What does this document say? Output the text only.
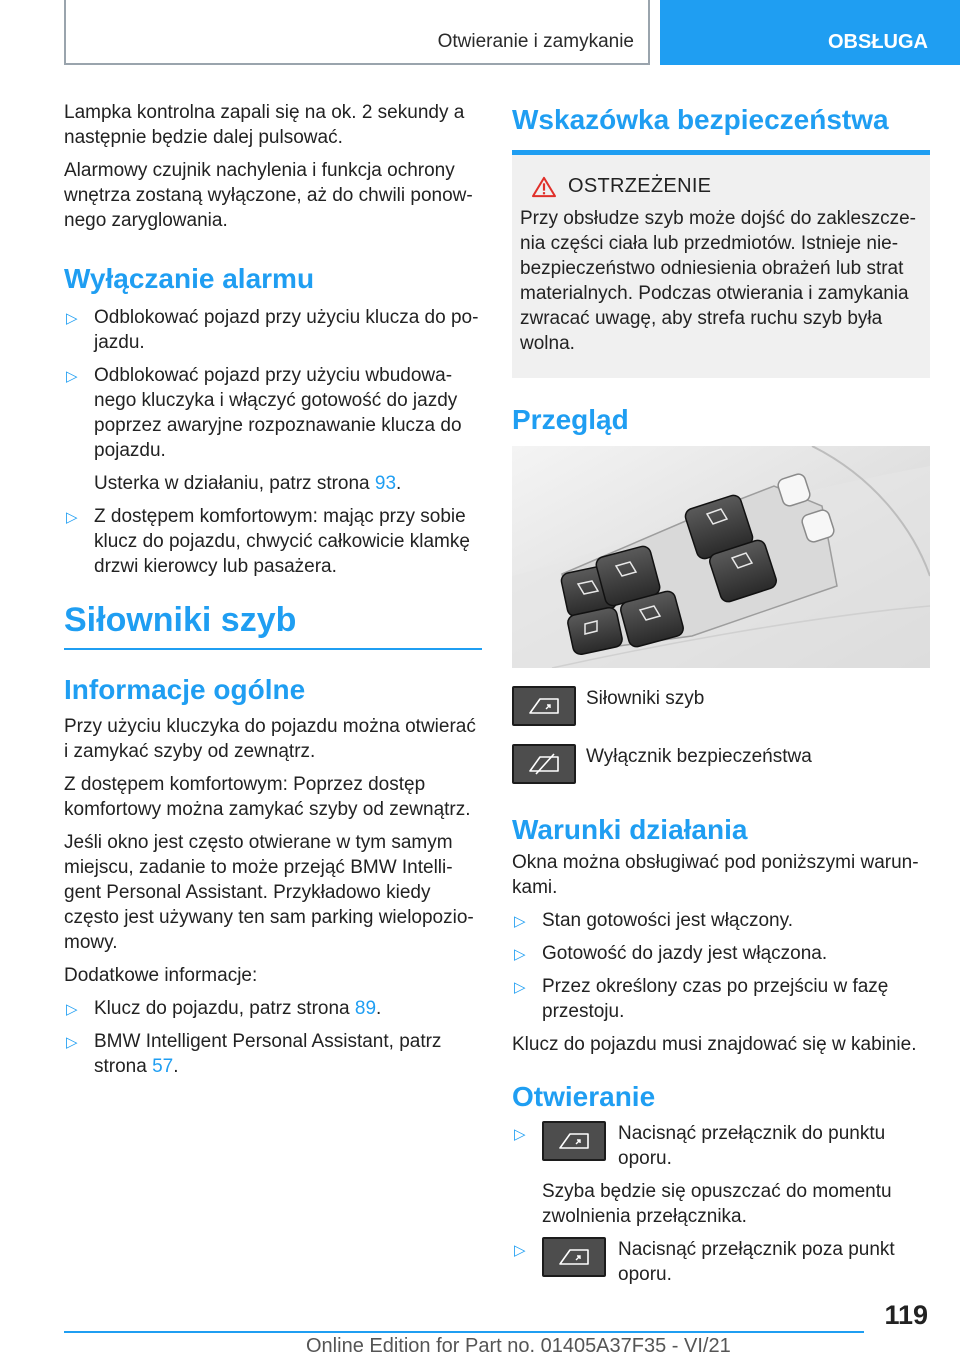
Otwieranie i zamykanie	OBSŁUGA

Lampka kontrolna zapali się na ok. 2 sekundy a następnie będzie dalej pulsować.

Alarmowy czujnik nachylenia i funkcja ochrony wnętrza zostaną wyłączone, aż do chwili ponownego zaryglowania.

Wyłączanie alarmu
▷ Odblokować pojazd przy użyciu klucza do pojazdu.
▷ Odblokować pojazd przy użyciu wbudowanego kluczyka i włączyć gotowość do jazdy poprzez awaryjne rozpoznawanie klucza do pojazdu.
Usterka w działaniu, patrz strona 93.
▷ Z dostępem komfortowym: mając przy sobie klucz do pojazdu, chwycić całkowicie klamkę drzwi kierowcy lub pasażera.
Siłowniki szyb
Informacje ogólne

Przy użyciu kluczyka do pojazdu można otwierać i zamykać szyby od zewnątrz.

Z dostępem komfortowym: Poprzez dostęp komfortowy można zamykać szyby od zewnątrz.

Jeśli okno jest często otwierane w tym samym miejscu, zadanie to może przejąć BMW Intelligent Personal Assistant. Przykładowo kiedy często jest używany ten sam parking wielopoziomowy.

Dodatkowe informacje:

▷ Klucz do pojazdu, patrz strona 89.
▷ BMW Intelligent Personal Assistant, patrz strona 57.
Wskazówka bezpieczeństwa
OSTRZEŻENIE

Przy obsłudze szyb może dojść do zakleszczenia części ciała lub przedmiotów. Istnieje niebezpieczeństwo odniesienia obrażeń lub strat materialnych. Podczas otwierania i zamykania zwracać uwagę, aby strefa ruchu szyb była wolna.

Przegląd
Siłowniki szyb
Wyłącznik bezpieczeństwa
Warunki działania

Okna można obsługiwać pod poniższymi warunkami.

▷ Stan gotowości jest włączony.
▷ Gotowość do jazdy jest włączona.
▷ Przez określony czas po przejściu w fazę przestoju.

Klucz do pojazdu musi znajdować się w kabinie.

Otwieranie
▷	Nacisnąć przełącznik do punktu oporu.
Szyba będzie się opuszczać do momentu zwolnienia przełącznika.
▷	Nacisnąć przełącznik poza punkt oporu.
119
Online Edition for Part no. 01405A37F35 - VI/21
